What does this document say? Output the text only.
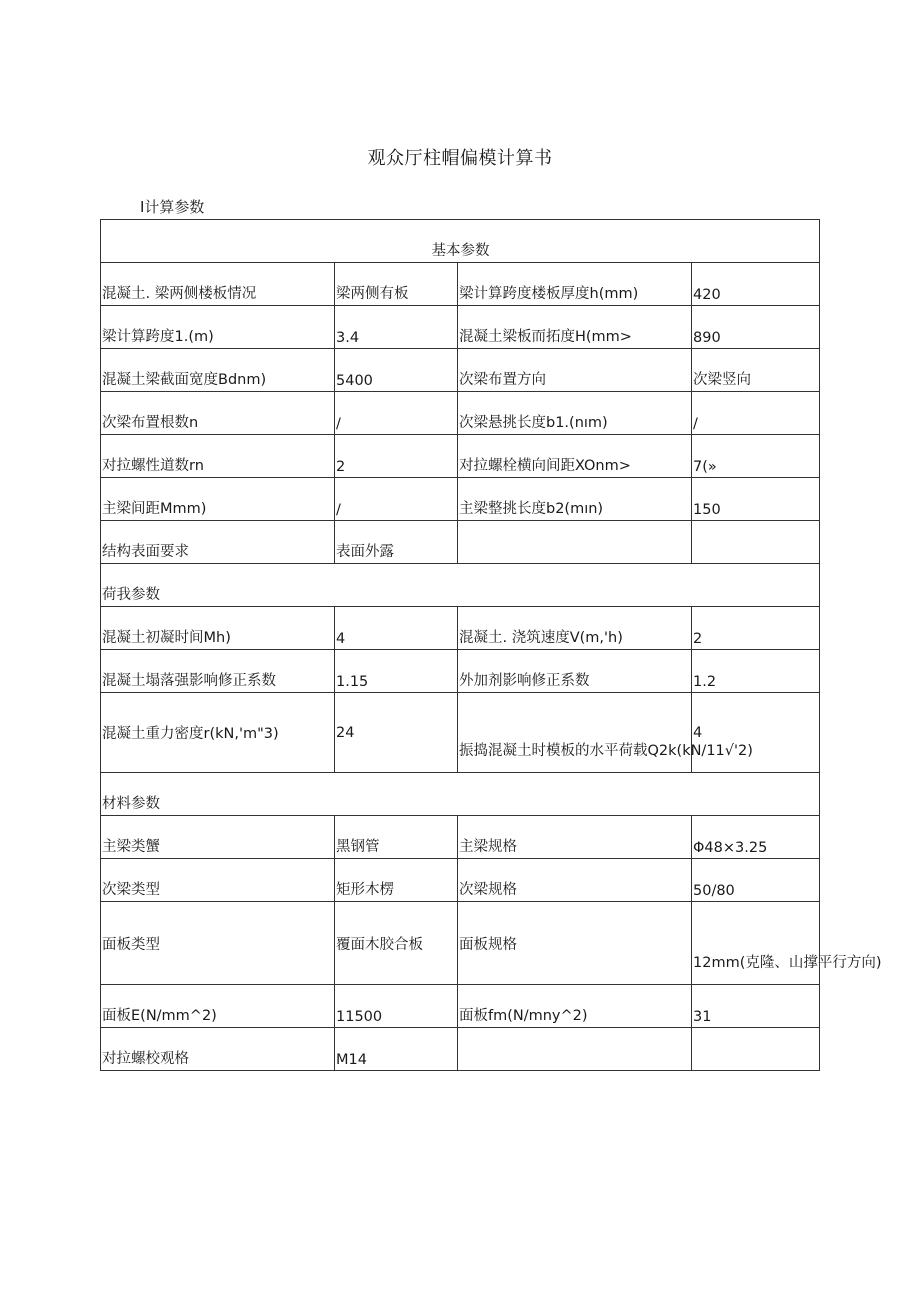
观众厅柱帽偏模计算书
I计算参数
基本参数			
混凝土. 梁两侧楼板情况	梁两侧有板	梁计算跨度楼板厚度h(mm)	420
梁计算跨度1.(m)	3.4	混凝土梁板而拓度H(mm>	890
混凝土梁截面宽度Bdnm)	5400	次梁布置方向	次梁竖向
次梁布置根数n	/	次梁悬挑长度b1.(nım)	/
对拉螺性道数rn	2	对拉螺栓横向间距XOnm>	7(»
主梁间距Mmm)	/	主梁整挑长度b2(mın)	150
结构表面要求	表面外露		
荷我参数			
混凝土初凝时间Mh)	4	混凝土. 浇筑速度V(m,'h)	2
混凝土塌落强影响修正系数	1.15	外加剂影响修正系数	1.2
混凝土重力密度r(kN,'m"3)	24	振捣混凝土时模板的水平荷载Q2k(kN/11√'2)	4
材料参数			
主梁类蟹	黑钢管	主梁规格	Φ48×3.25
次梁类型	矩形木楞	次梁规格	50/80
面板类型	覆面木胶合板	面板规格	12mm(克隆、山撑平行方向)
面板E(N/mm^2)	11500	面板fm(N/mny^2)	31
对拉螺校观格	M14		
